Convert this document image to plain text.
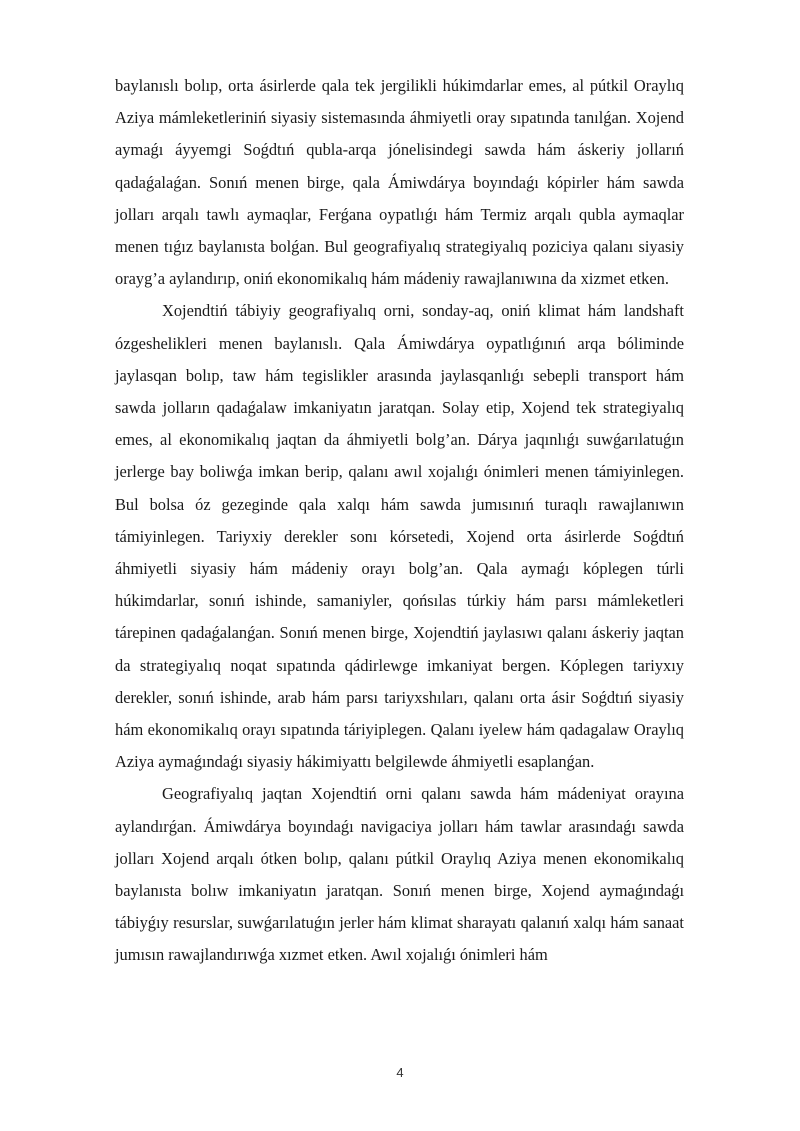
baylanıslı bolıp, orta ásirlerde qala tek jergilikli húkimdarlar emes, al pútkil Oraylıq Aziya mámleketleriniń siyasiy sistemasında áhmiyetli oray sıpatında tanılǵan. Xojend aymaǵı áyyemgi Soǵdtıń qubla-arqa jónelisindegi sawda hám áskeriy jollarıń qadaǵalaǵan. Sonıń menen birge, qala Ámiwdárya boyındaǵı kópirler hám sawda jolları arqalı tawlı aymaqlar, Ferǵana oypatlıǵı hám Termiz arqalı qubla aymaqlar menen tıǵız baylanısta bolǵan. Bul geografiyalıq strategiyalıq poziciya qalanı siyasiy orayg’a aylandırıp, oniń ekonomikalıq hám mádeniy rawajlanıwına da xizmet etken.

Xojendtiń tábiyiy geografiyalıq orni, sonday-aq, oniń klimat hám landshaft ózgeshelikleri menen baylanıslı. Qala Ámiwdárya oypatlıǵınıń arqa bóliminde jaylasqan bolıp, taw hám tegislikler arasında jaylasqanlıǵı sebepli transport hám sawda jolların qadaǵalaw imkaniyatın jaratqan. Solay etip, Xojend tek strategiyalıq emes, al ekonomikalıq jaqtan da áhmiyetli bolg’an. Dárya jaqınlıǵı suwǵarılatuǵın jerlerge bay boliwǵa imkan berip, qalanı awıl xojalıǵı ónimleri menen támiyinlegen. Bul bolsa óz gezeginde qala xalqı hám sawda jumısınıń turaqlı rawajlanıwın támiyinlegen. Tariyxiy derekler sonı kórsetedi, Xojend orta ásirlerde Soǵdtıń áhmiyetli siyasiy hám mádeniy orayı bolg’an. Qala aymaǵı kóplegen túrli húkimdarlar, sonıń ishinde, samaniyler, qońsılas túrkiy hám parsı mámleketleri tárepinen qadaǵalanǵan. Sonıń menen birge, Xojendtiń jaylasıwı qalanı áskeriy jaqtan da strategiyalıq noqat sıpatında qádirlewge imkaniyat bergen. Kóplegen tariyxıy derekler, sonıń ishinde, arab hám parsı tariyxshıları, qalanı orta ásir Soǵdtıń siyasiy hám ekonomikalıq orayı sıpatında táriyiplegen. Qalanı iyelew hám qadagalaw Oraylıq Aziya aymaǵındaǵı siyasiy hákimiyattı belgilewde áhmiyetli esaplanǵan.

Geografiyalıq jaqtan Xojendtiń orni qalanı sawda hám mádeniyat orayına aylandırǵan. Ámiwdárya boyındaǵı navigaciya jolları hám tawlar arasındaǵı sawda jolları Xojend arqalı ótken bolıp, qalanı pútkil Oraylıq Aziya menen ekonomikalıq baylanısta bolıw imkaniyatın jaratqan. Sonıń menen birge, Xojend aymaǵındaǵı tábiyǵıy resurslar, suwǵarılatuǵın jerler hám klimat sharayatı qalanıń xalqı hám sanaat jumısın rawajlandırıwǵa xızmet etken. Awıl xojalıǵı ónimleri hám

4
